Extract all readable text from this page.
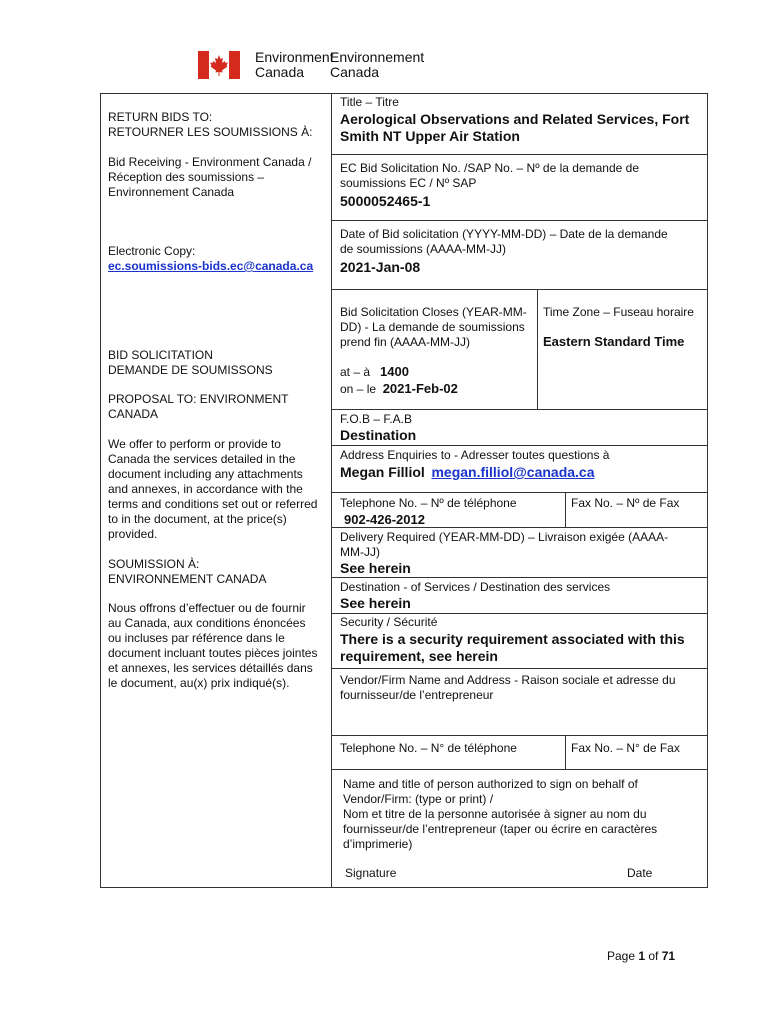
Environment
Canada
Environnement
Canada
RETURN BIDS TO:
RETOURNER LES SOUMISSIONS À:
Bid Receiving - Environment Canada /
Réception des soumissions –
Environnement Canada
Electronic Copy:
ec.soumissions-bids.ec@canada.ca
BID SOLICITATION
DEMANDE DE SOUMISSONS
PROPOSAL TO: ENVIRONMENT
CANADA
We offer to perform or provide to
Canada the services detailed in the
document including any attachments
and annexes, in accordance with the
terms and conditions set out or referred
to in the document, at the price(s)
provided.
SOUMISSION À:
ENVIRONNEMENT CANADA
Nous offrons d’effectuer ou de fournir
au Canada, aux conditions énoncées
ou incluses par référence dans le
document incluant toutes pièces jointes
et annexes, les services détaillés dans
le document, au(x) prix indiqué(s).
Title – Titre
Aerological Observations and Related Services, Fort
Smith NT Upper Air Station
EC Bid Solicitation No. /SAP No. – Nº de la demande de
soumissions EC / Nº SAP
5000052465-1
Date of Bid solicitation (YYYY-MM-DD) – Date de la demande
de soumissions (AAAA-MM-JJ)
2021-Jan-08
Bid Solicitation Closes (YEAR-MM-
DD) - La demande de soumissions
prend fin (AAAA-MM-JJ)
at – à 1400
on – le 2021-Feb-02
Time Zone – Fuseau horaire
Eastern Standard Time
F.O.B – F.A.B
Destination
Address Enquiries to - Adresser toutes questions à
Megan Filliol megan.filliol@canada.ca
Telephone No. – Nº de téléphone
902-426-2012
Fax No. – Nº de Fax
Delivery Required (YEAR-MM-DD) – Livraison exigée (AAAA-
MM-JJ)
See herein
Destination - of Services / Destination des services
See herein
Security / Sécurité
There is a security requirement associated with this
requirement, see herein
Vendor/Firm Name and Address - Raison sociale et adresse du
fournisseur/de l’entrepreneur
Telephone No. – N° de téléphone	Fax No. – N° de Fax
Name and title of person authorized to sign on behalf of
Vendor/Firm: (type or print) /
Nom et titre de la personne autorisée à signer au nom du
fournisseur/de l’entrepreneur (taper ou écrire en caractères
d’imprimerie)
Signature	Date
Page 1 of 71
